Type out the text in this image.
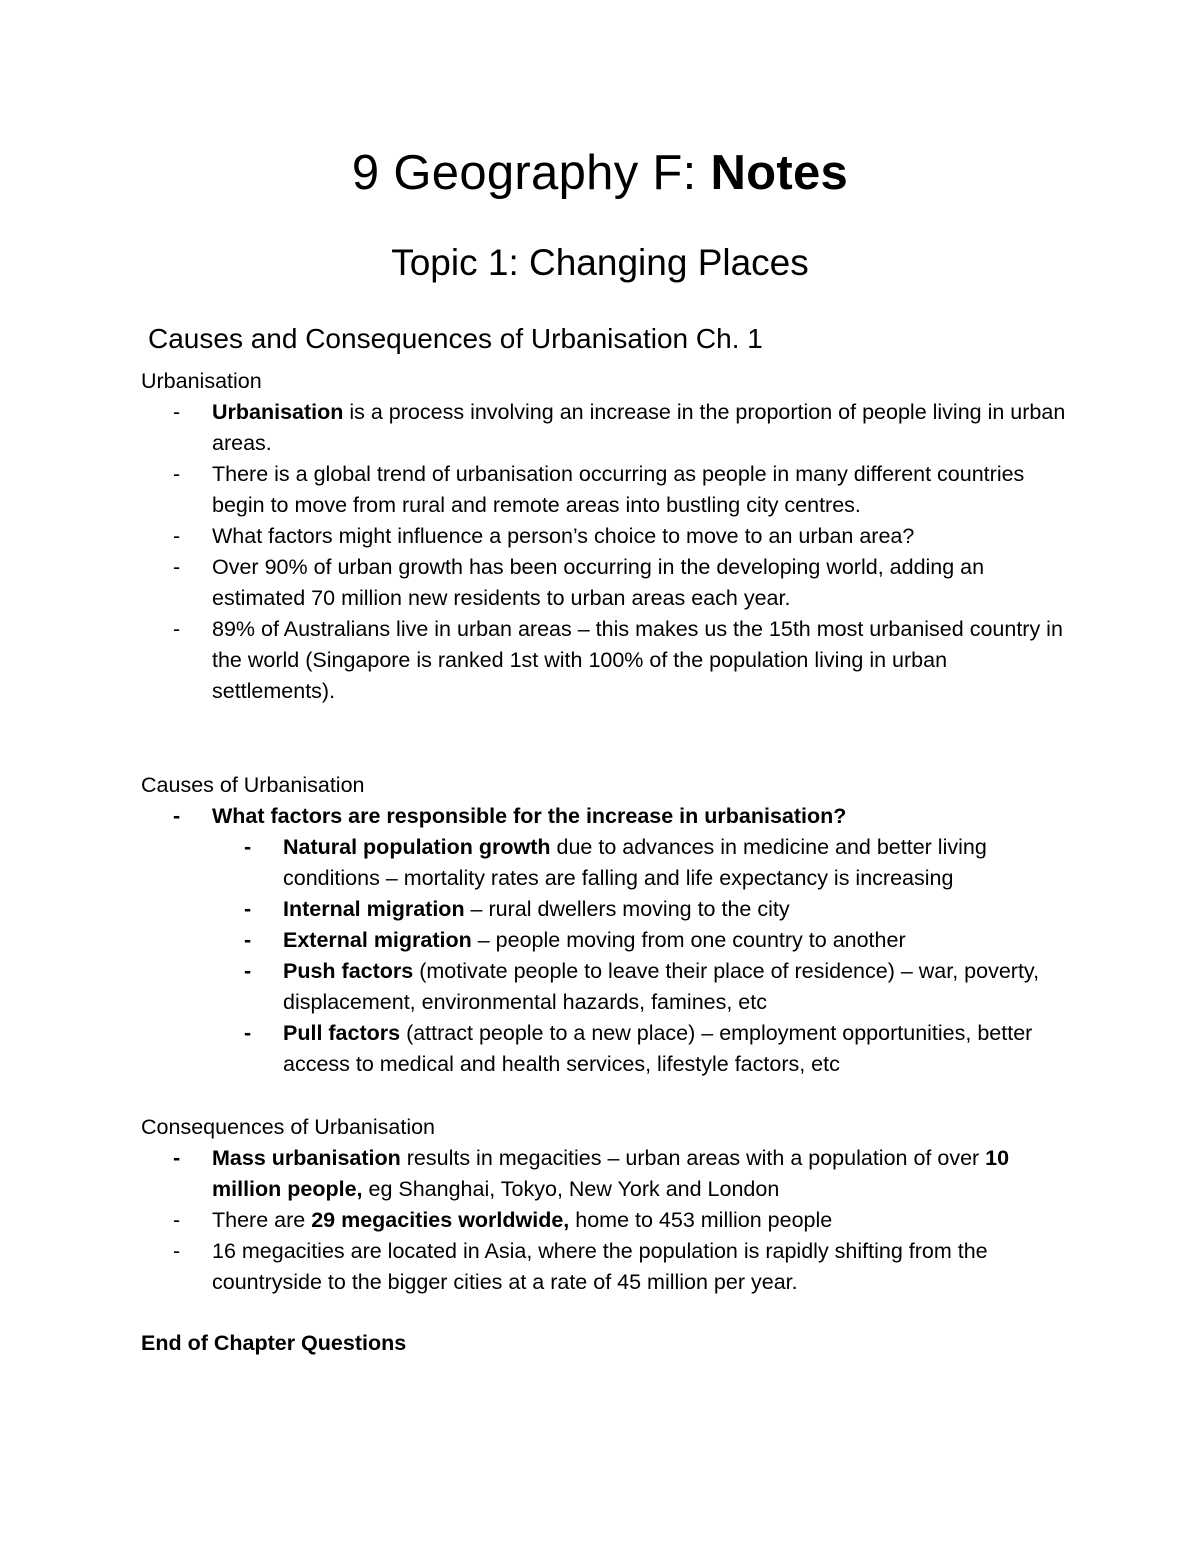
9 Geography F: Notes
Topic 1: Changing Places
Causes and Consequences of Urbanisation Ch. 1
Urbanisation
- Urbanisation is a process involving an increase in the proportion of people living in urban areas.
- There is a global trend of urbanisation occurring as people in many different countries begin to move from rural and remote areas into bustling city centres.
- What factors might influence a person’s choice to move to an urban area?
- Over 90% of urban growth has been occurring in the developing world, adding an estimated 70 million new residents to urban areas each year.
- 89% of Australians live in urban areas – this makes us the 15th most urbanised country in the world (Singapore is ranked 1st with 100% of the population living in urban settlements).
Causes of Urbanisation
- What factors are responsible for the increase in urbanisation?
- Natural population growth due to advances in medicine and better living conditions – mortality rates are falling and life expectancy is increasing
- Internal migration – rural dwellers moving to the city
- External migration – people moving from one country to another
- Push factors (motivate people to leave their place of residence) – war, poverty, displacement, environmental hazards, famines, etc
- Pull factors (attract people to a new place) – employment opportunities, better access to medical and health services, lifestyle factors, etc
Consequences of Urbanisation
- Mass urbanisation results in megacities – urban areas with a population of over 10 million people, eg Shanghai, Tokyo, New York and London
- There are 29 megacities worldwide, home to 453 million people
- 16 megacities are located in Asia, where the population is rapidly shifting from the countryside to the bigger cities at a rate of 45 million per year.
End of Chapter Questions
